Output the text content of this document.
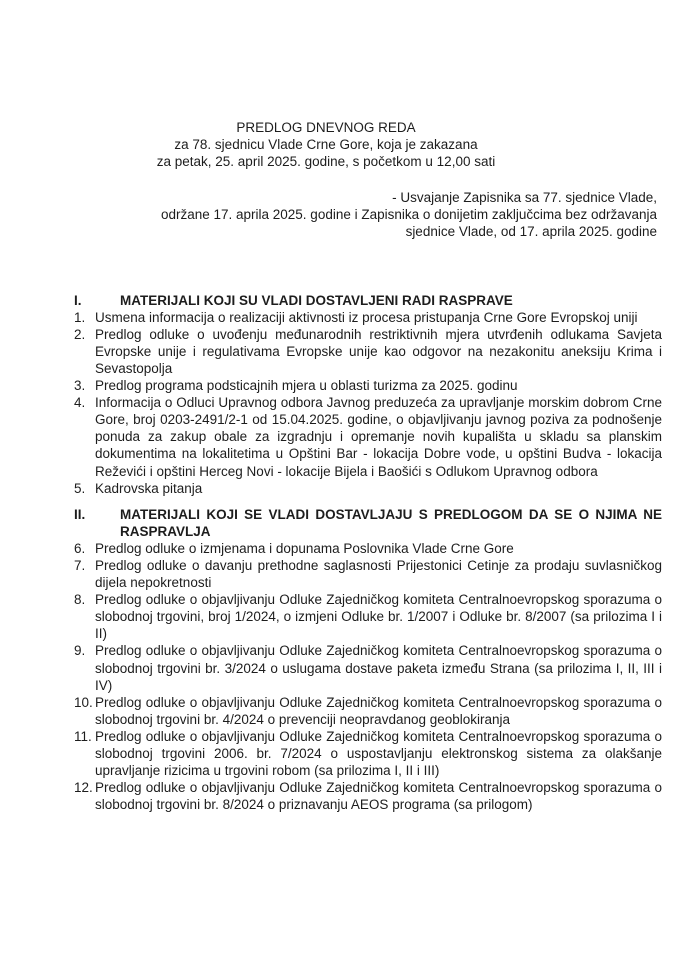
PREDLOG DNEVNOG REDA
za 78. sjednicu Vlade Crne Gore, koja je zakazana
za petak, 25. april 2025. godine, s početkom u 12,00 sati
- Usvajanje Zapisnika sa 77. sjednice Vlade,
održane 17. aprila 2025. godine i Zapisnika o donijetim zaključcima bez održavanja
sjednice Vlade, od 17. aprila 2025. godine
I.	MATERIJALI KOJI SU VLADI DOSTAVLJENI RADI RASPRAVE
1. Usmena informacija o realizaciji aktivnosti iz procesa pristupanja Crne Gore Evropskoj uniji
2. Predlog odluke o uvođenju međunarodnih restriktivnih mjera utvrđenih odlukama Savjeta Evropske unije i regulativama Evropske unije kao odgovor na nezakonitu aneksiju Krima i Sevastopolja
3. Predlog programa podsticajnih mjera u oblasti turizma za 2025. godinu
4. Informacija o Odluci Upravnog odbora Javnog preduzeća za upravljanje morskim dobrom Crne Gore, broj 0203-2491/2-1 od 15.04.2025. godine, o objavljivanju javnog poziva za podnošenje ponuda za zakup obale za izgradnju i opremanje novih kupališta u skladu sa planskim dokumentima na lokalitetima u Opštini Bar - lokacija Dobre vode, u opštini Budva - lokacija Reževići i opštini Herceg Novi - lokacije Bijela i Baošići s Odlukom Upravnog odbora
5. Kadrovska pitanja
II.	MATERIJALI KOJI SE VLADI DOSTAVLJAJU S PREDLOGOM DA SE O NJIMA NE RASPRAVLJA
6. Predlog odluke o izmjenama i dopunama Poslovnika Vlade Crne Gore
7. Predlog odluke o davanju prethodne saglasnosti Prijestonici Cetinje za prodaju suvlasničkog dijela nepokretnosti
8. Predlog odluke o objavljivanju Odluke Zajedničkog komiteta Centralnoevropskog sporazuma o slobodnoj trgovini, broj 1/2024, o izmjeni Odluke br. 1/2007 i Odluke br. 8/2007 (sa prilozima I i II)
9. Predlog odluke o objavljivanju Odluke Zajedničkog komiteta Centralnoevropskog sporazuma o slobodnoj trgovini br. 3/2024 o uslugama dostave paketa između Strana (sa prilozima I, II, III i IV)
10. Predlog odluke o objavljivanju Odluke Zajedničkog komiteta Centralnoevropskog sporazuma o slobodnoj trgovini br. 4/2024 o prevenciji neopravdanog geoblokiranja
11. Predlog odluke o objavljivanju Odluke Zajedničkog komiteta Centralnoevropskog sporazuma o slobodnoj trgovini 2006. br. 7/2024 o uspostavljanju elektronskog sistema za olakšanje upravljanje rizicima u trgovini robom (sa prilozima I, II i III)
12. Predlog odluke o objavljivanju Odluke Zajedničkog komiteta Centralnoevropskog sporazuma o slobodnoj trgovini br. 8/2024 o priznavanju AEOS programa (sa prilogom)
